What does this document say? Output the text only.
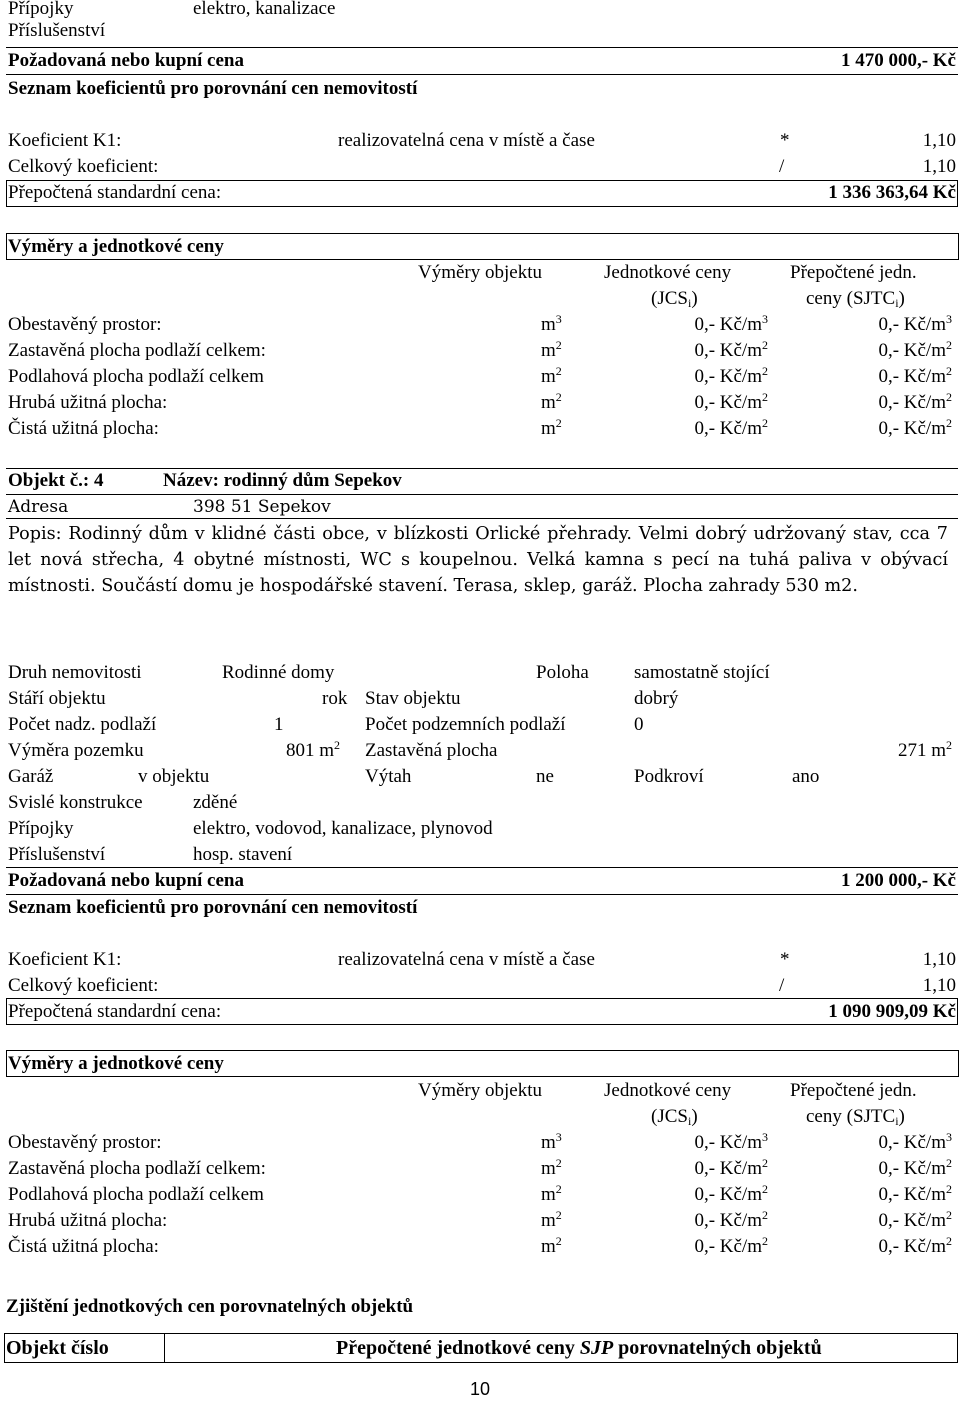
Přípojky	elektro, kanalizace
Příslušenství
Požadovaná nebo kupní cena	1 470 000,- Kč
Seznam koeficientů pro porovnání cen nemovitostí
Koeficient K1:	realizovatelná cena v místě a čase	*	1,10
Celkový koeficient:	/	1,10
Přepočtená standardní cena:	1 336 363,64 Kč
Výměry a jednotkové ceny
Výměry objektu	Jednotkové ceny
$(JCS_i)$
Přepočtené jedn.
ceny $(SJTC_i)$
Obestavěný prostor:	$m^3$	0,- $Kč/m^3$	0,- $Kč/m^3$
Zastavěná plocha podlaží celkem:	$m^2$	0,- $Kč/m^2$	0,- $Kč/m^2$
Podlahová plocha podlaží celkem	$m^2$	0,- $Kč/m^2$	0,- $Kč/m^2$
Hrubá užitná plocha:	$m^2$	0,- $Kč/m^2$	0,- $Kč/m^2$
Čistá užitná plocha:	$m^2$	0,- $Kč/m^2$	0,- $Kč/m^2$
Objekt č.: 4	Název: rodinný dům Sepekov
Adresa	398 51 Sepekov
Popis: Rodinný dům v klidné části obce, v blízkosti Orlické přehrady. Velmi dobrý udržovaný stav, cca 7 let nová střecha, 4 obytné místnosti, WC s koupelnou. Velká kamna s pecí na tuhá paliva v obývací místnosti. Součástí domu je hospodářské stavení. Terasa, sklep, garáž. Plocha zahrady 530 m2.
Druh nemovitosti	Rodinné domy	Poloha samostatně stojící
Stáří objektu	rok Stav objektu	dobrý
Počet nadz. podlaží	1	Počet podzemních podlaží	0
Výměra pozemku	801 $m^2$ Zastavěná plocha	271 $m^2$
Garáž	v objektu	Výtah	ne	Podkroví	ano
Svislé konstrukce	zděné
Přípojky	elektro, vodovod, kanalizace, plynovod
Příslušenství	hosp. stavení
Požadovaná nebo kupní cena	1 200 000,- Kč
Seznam koeficientů pro porovnání cen nemovitostí
Koeficient K1:	realizovatelná cena v místě a čase	*	1,10
Celkový koeficient:	/	1,10
Přepočtená standardní cena:	1 090 909,09 Kč
Výměry a jednotkové ceny
Výměry objektu	Jednotkové ceny
$(JCS_i)$
Přepočtené jedn.
ceny $(SJTC_i)$
Obestavěný prostor:	$m^3$	0,- $Kč/m^3$	0,- $Kč/m^3$
Zastavěná plocha podlaží celkem:	$m^2$	0,- $Kč/m^2$	0,- $Kč/m^2$
Podlahová plocha podlaží celkem	$m^2$	0,- $Kč/m^2$	0,- $Kč/m^2$
Hrubá užitná plocha:	$m^2$	0,- $Kč/m^2$	0,- $Kč/m^2$
Čistá užitná plocha:	$m^2$	0,- $Kč/m^2$	0,- $Kč/m^2$
Zjištění jednotkových cen porovnatelných objektů
Objekt číslo	Přepočtené jednotkové ceny SJP porovnatelných objektů
10
